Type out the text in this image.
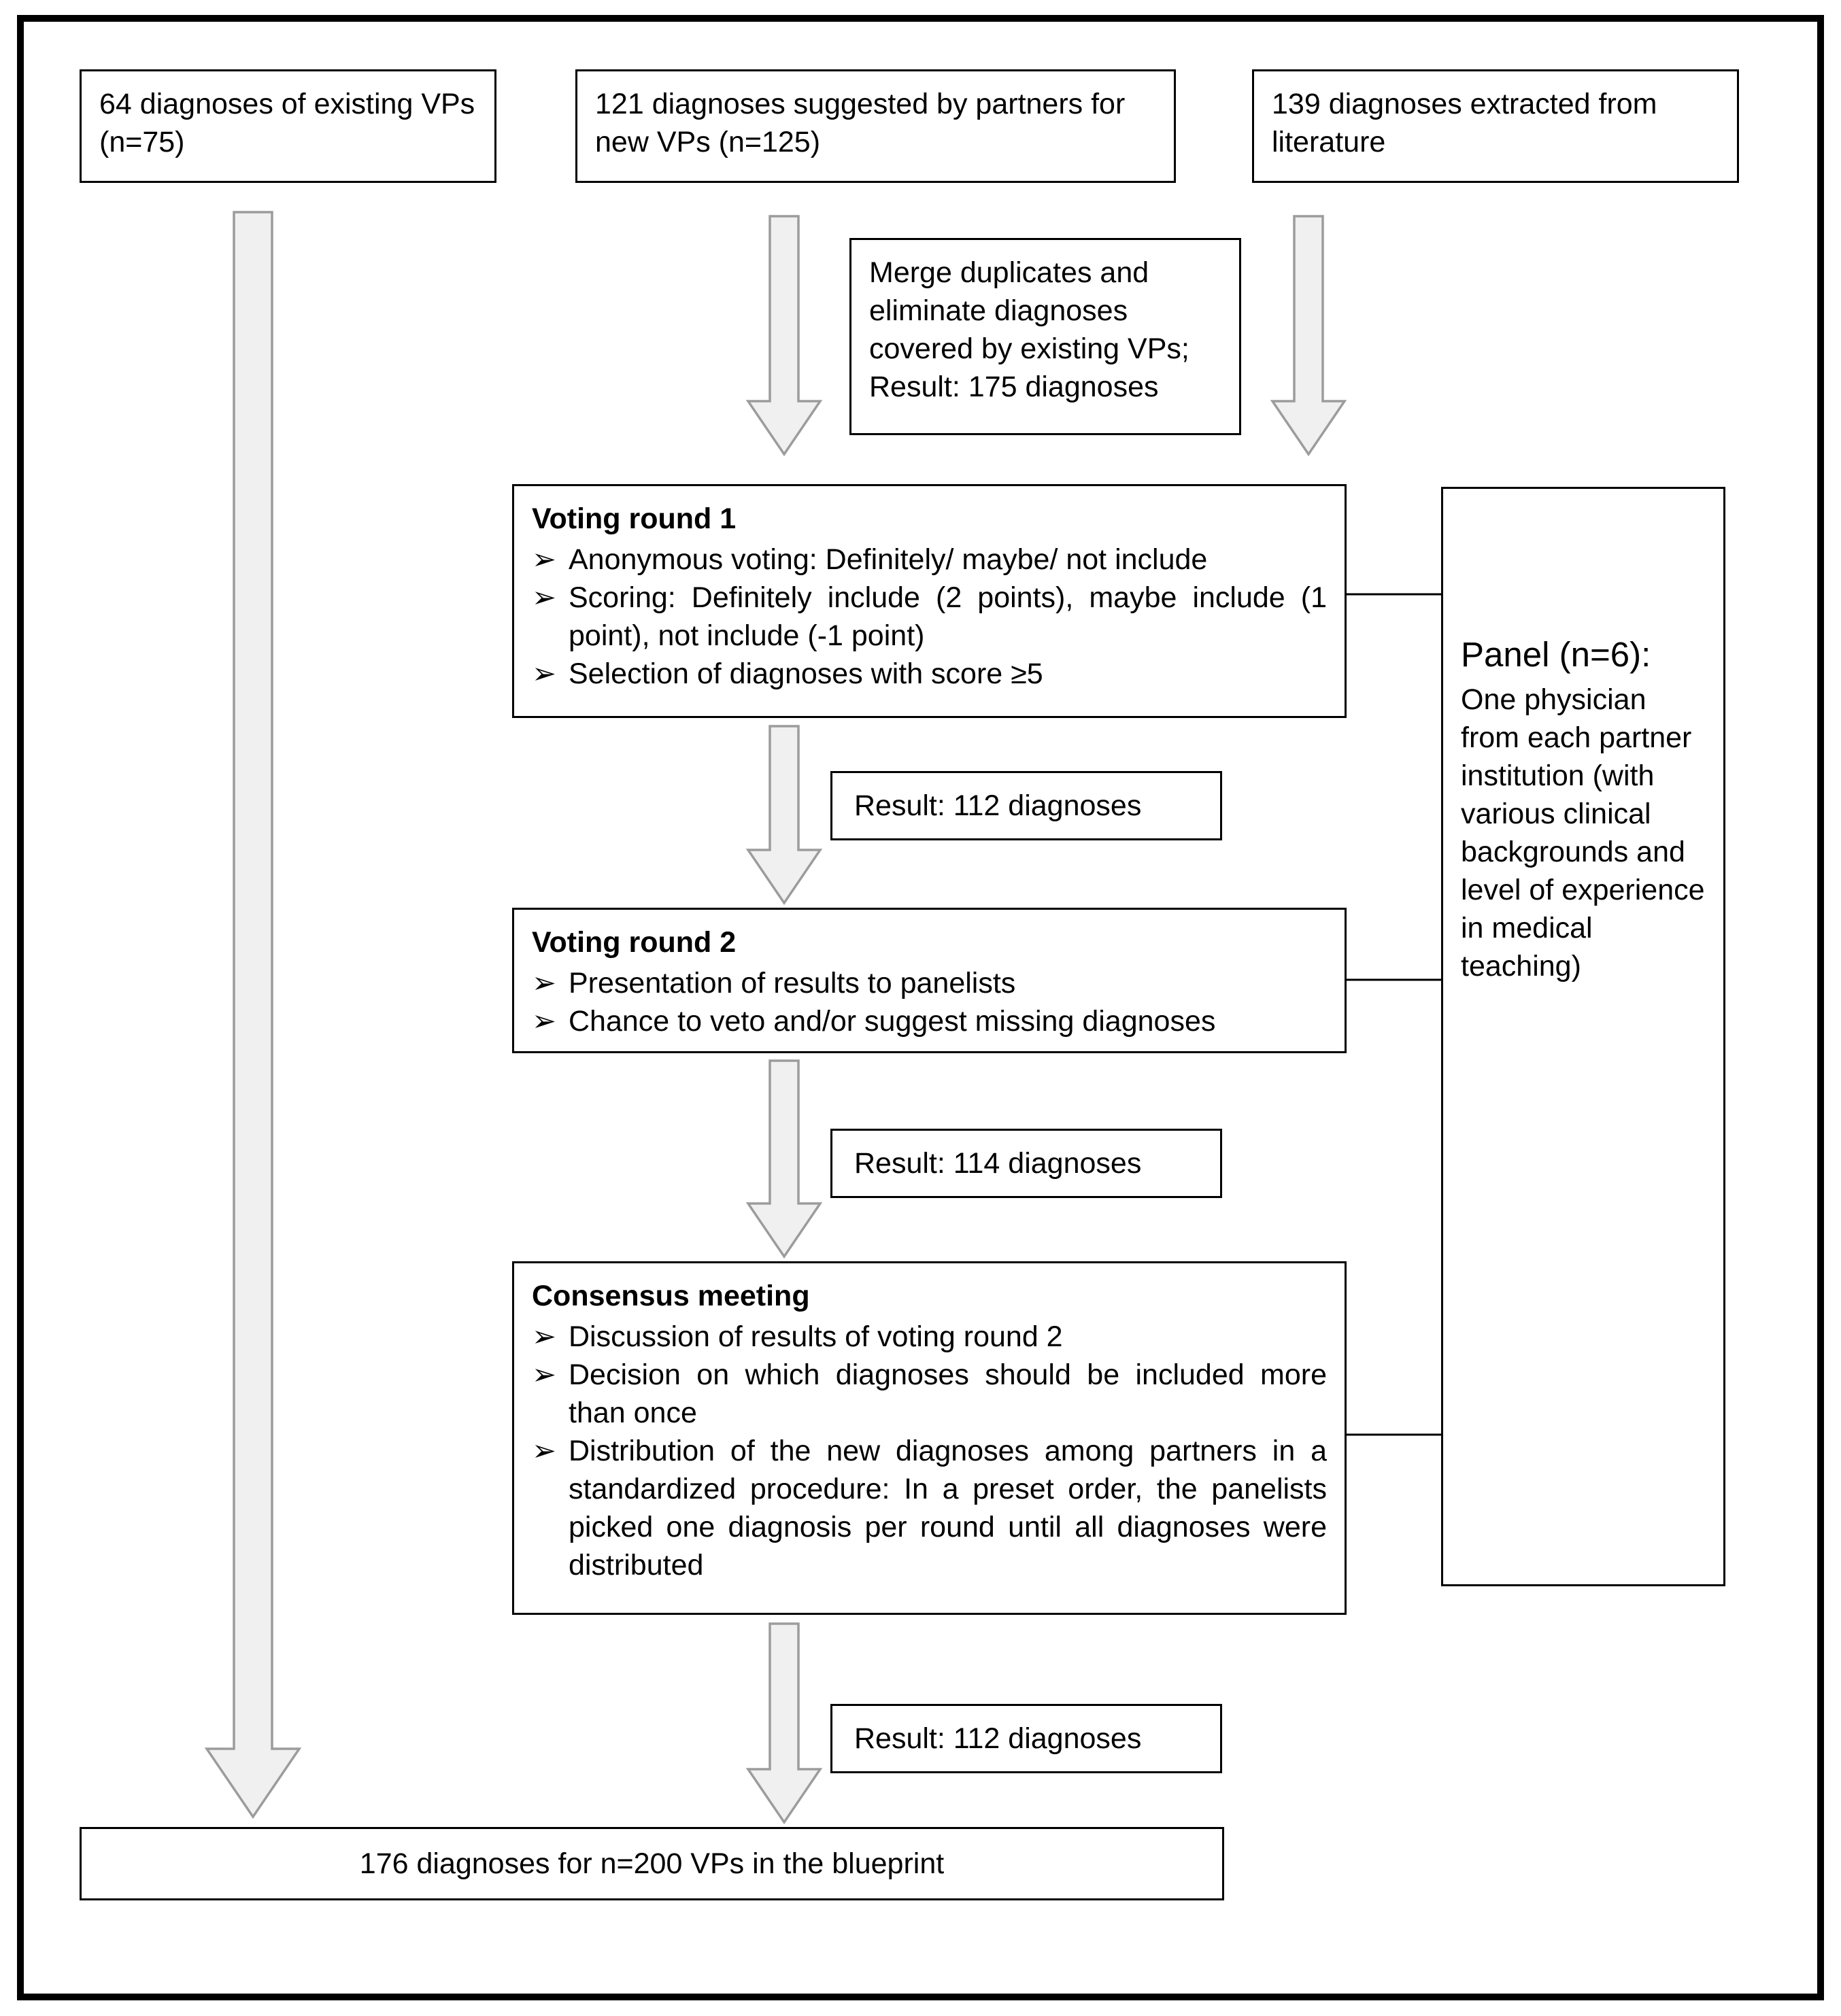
64 diagnoses of existing VPs (n=75)
121 diagnoses suggested by partners for new VPs (n=125)
139 diagnoses extracted from literature
Merge duplicates and eliminate diagnoses covered by existing VPs; Result: 175 diagnoses
Voting round 1
➢ Anonymous voting: Definitely/ maybe/ not include
➢ Scoring: Definitely include (2 points), maybe include (1 point), not include (-1 point)
➢ Selection of diagnoses with score ≥5
Result: 112 diagnoses
Voting round 2
➢ Presentation of results to panelists
➢ Chance to veto and/or suggest missing diagnoses
Result: 114 diagnoses
Consensus meeting
➢ Discussion of results of voting round 2
➢ Decision on which diagnoses should be included more than once
➢ Distribution of the new diagnoses among partners in a standardized procedure: In a preset order, the panelists picked one diagnosis per round until all diagnoses were distributed
Result: 112 diagnoses
176 diagnoses for n=200 VPs in the blueprint
Panel (n=6):
One physician from each partner institution (with various clinical backgrounds and level of experience in medical teaching)
